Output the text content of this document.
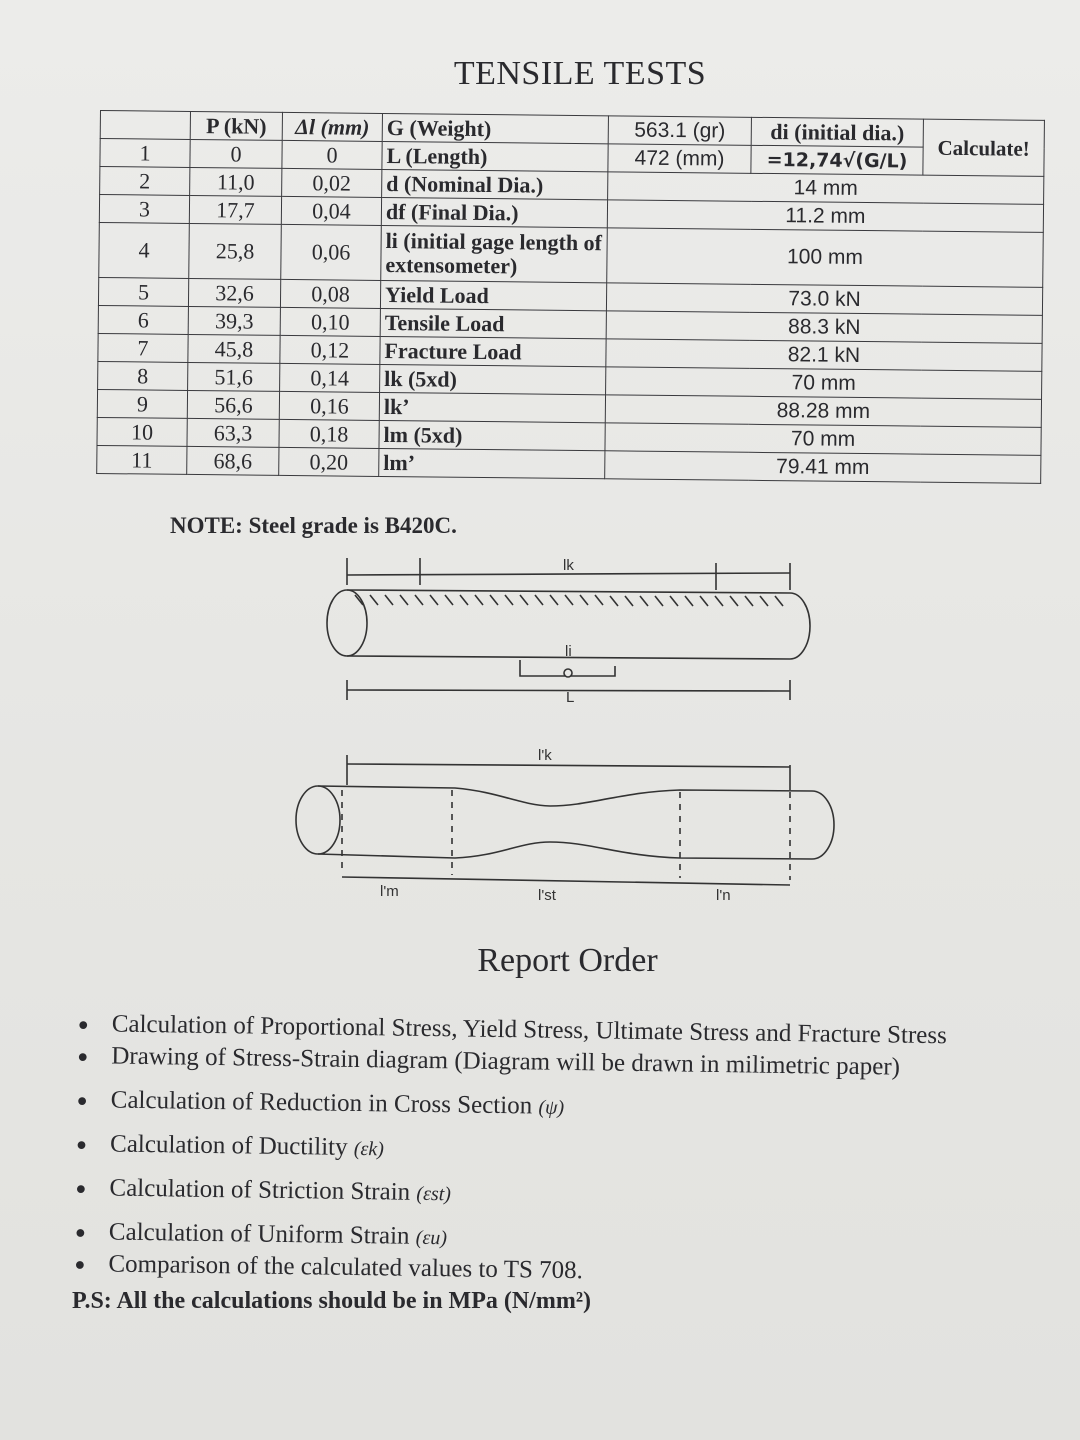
TENSILE TESTS
	P (kN)	Δl (mm)	G (Weight)	563.1 (gr)	di (initial dia.)	Calculate!
1	0	0	L (Length)	472 (mm)	=12,74√(G/L)	
2	11,0	0,02	d (Nominal Dia.)	14 mm		
3	17,7	0,04	df (Final Dia.)	11.2 mm		
4	25,8	0,06	li (initial gage length of extensometer)	100 mm		
5	32,6	0,08	Yield Load	73.0 kN		
6	39,3	0,10	Tensile Load	88.3 kN		
7	45,8	0,12	Fracture Load	82.1 kN		
8	51,6	0,14	lk (5xd)	70 mm		
9	56,6	0,16	lk’	88.28 mm		
10	63,3	0,18	lm (5xd)	70 mm		
11	68,6	0,20	lm’	79.41 mm		
NOTE: Steel grade is B420C.
lk
li
L
l'k
l'm	l'st	l'n
Report Order
● Calculation of Proportional Stress, Yield Stress, Ultimate Stress and Fracture Stress
● Drawing of Stress-Strain diagram (Diagram will be drawn in milimetric paper)
● Calculation of Reduction in Cross Section (ψ)
● Calculation of Ductility (εk)
● Calculation of Striction Strain (εst)
● Calculation of Uniform Strain (εu)
● Comparison of the calculated values to TS 708.
P.S: All the calculations should be in MPa (N/mm²)
